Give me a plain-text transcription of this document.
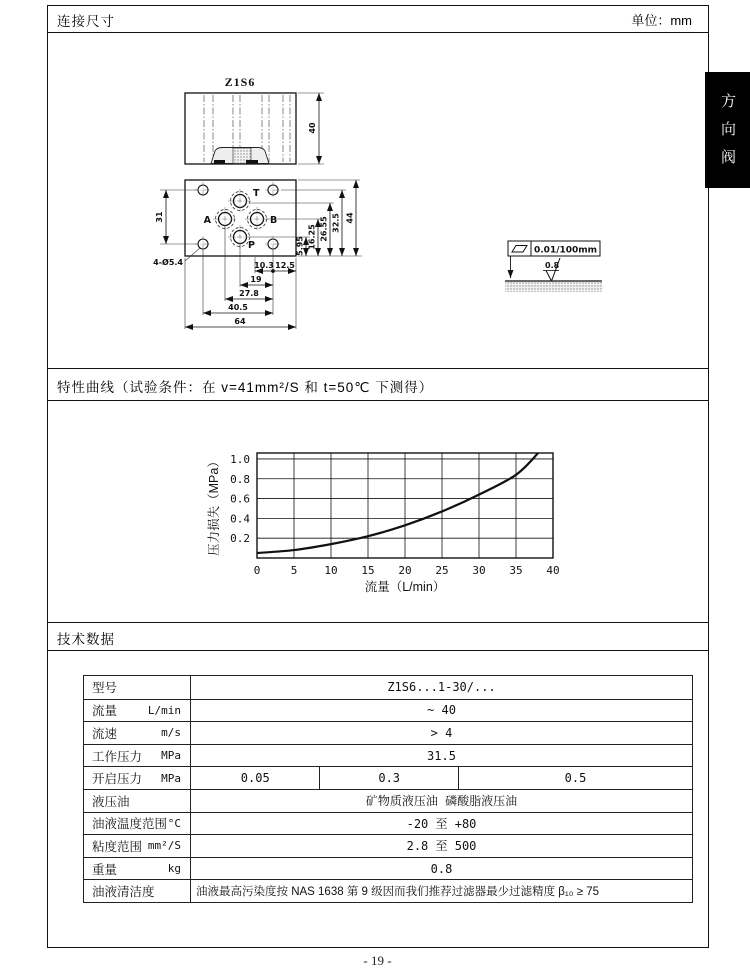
连接尺寸	单位：mm
特性曲线（试验条件：在 v=41mm²/S 和 t=50℃ 下测得）
技术数据
方向阀
Z1S6
40
T
A	B
P
31
5.95 16.25 26.55 32.5 44
10.3 12.5
19
27.8
40.5
64
4-Ø5.4
0.01/100mm
0.8
0	5 10 15 20 25 30 35 40
0.2
0.4
0.6
0.8
1.0
流量（L/min）
压力损失（MPa）
型号	Z1S6...1-30/...
流量	L/min	~ 40
流速	m/s	> 4
工作压力 MPa	31.5
开启压力 MPa	0.05	0.3	0.5
液压油	矿物质液压油 磷酸脂液压油
油液温度范围 °C	-20 至 +80
粘度范围 mm²/S	2.8 至 500
重量	kg	0.8
油液清洁度	油液最高污染度按 NAS 1638 第 9 级因而我们推荐过滤器最少过滤精度 β₁₀ ≥ 75
- 19 -
